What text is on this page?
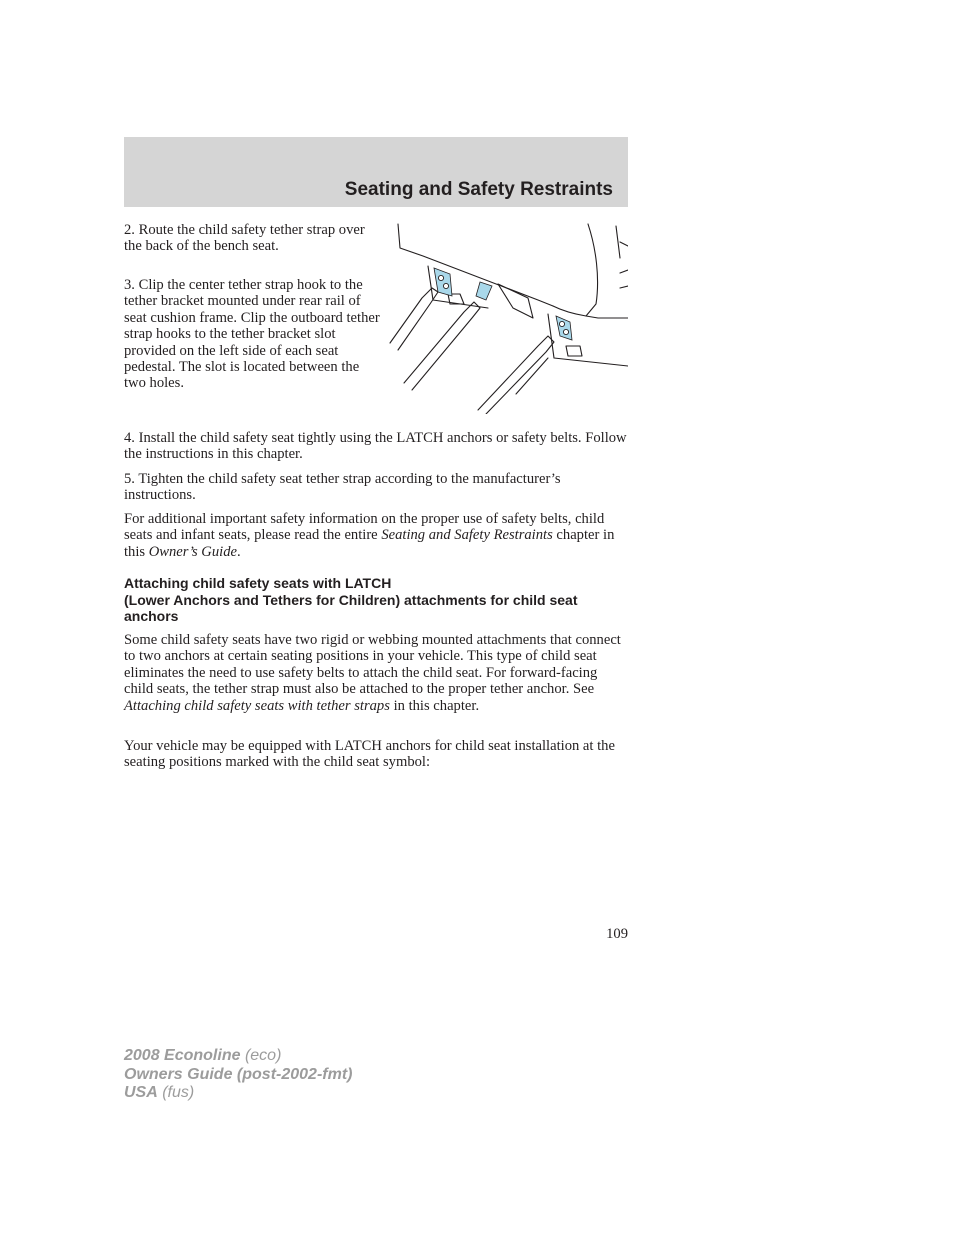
Seating and Safety Restraints

2. Route the child safety tether strap over the back of the bench seat.

3. Clip the center tether strap hook to the tether bracket mounted under rear rail of seat cushion frame. Clip the outboard tether strap hooks to the tether bracket slot provided on the left side of each seat pedestal. The slot is located between the two holes.

4. Install the child safety seat tightly using the LATCH anchors or safety belts. Follow the instructions in this chapter.

5. Tighten the child safety seat tether strap according to the manufacturer’s instructions.

For additional important safety information on the proper use of safety belts, child seats and infant seats, please read the entire Seating and Safety Restraints chapter in this Owner’s Guide.

Attaching child safety seats with LATCH
(Lower Anchors and Tethers for Children) attachments for child seat anchors

Some child safety seats have two rigid or webbing mounted attachments that connect to two anchors at certain seating positions in your vehicle. This type of child seat eliminates the need to use safety belts to attach the child seat. For forward-facing child seats, the tether strap must also be attached to the proper tether anchor. See Attaching child safety seats with tether straps in this chapter.

Your vehicle may be equipped with LATCH anchors for child seat installation at the seating positions marked with the child seat symbol:

109
2008 Econoline (eco)
Owners Guide (post-2002-fmt)
USA (fus)
